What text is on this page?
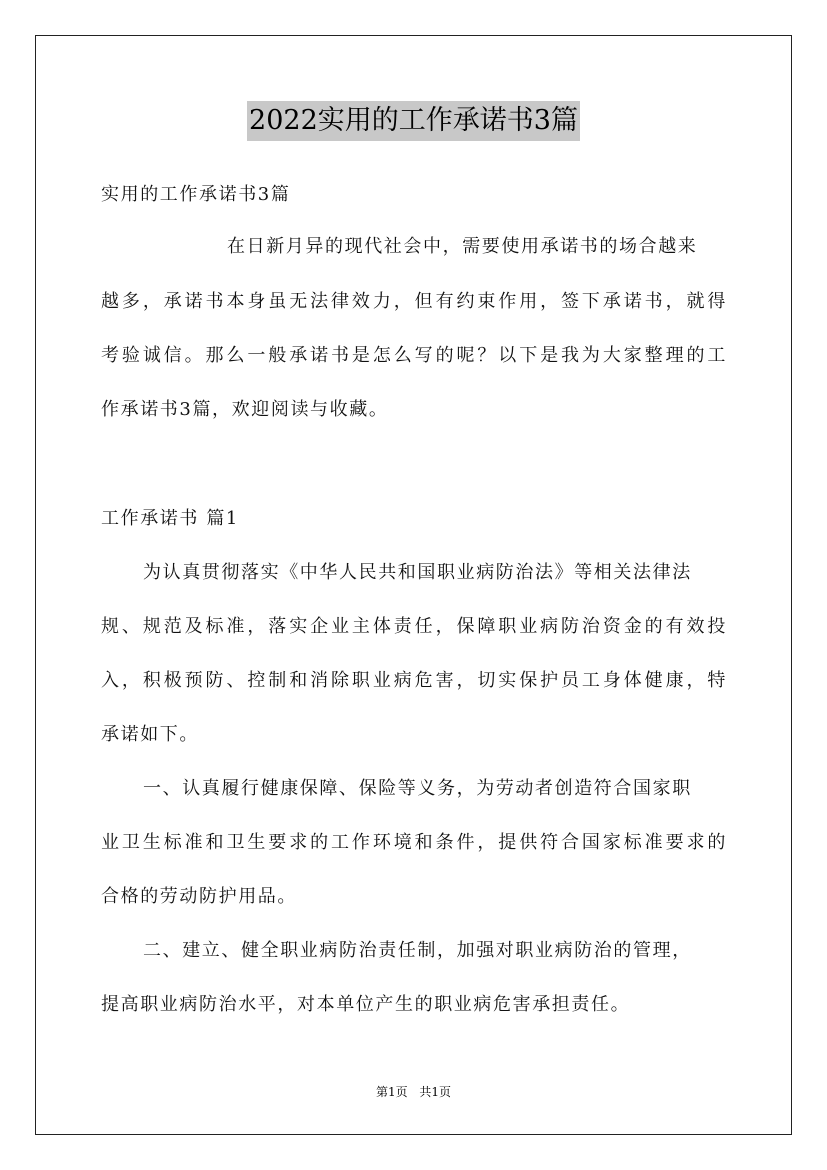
2022实用的工作承诺书3篇
实用的工作承诺书3篇
在日新月异的现代社会中，需要使用承诺书的场合越来
越多，承诺书本身虽无法律效力，但有约束作用，签下承诺书，就得
考验诚信。那么一般承诺书是怎么写的呢？以下是我为大家整理的工
作承诺书3篇，欢迎阅读与收藏。
工作承诺书 篇1
为认真贯彻落实《中华人民共和国职业病防治法》等相关法律法
规、规范及标准，落实企业主体责任，保障职业病防治资金的有效投
入，积极预防、控制和消除职业病危害，切实保护员工身体健康，特
承诺如下。
一、认真履行健康保障、保险等义务，为劳动者创造符合国家职
业卫生标准和卫生要求的工作环境和条件，提供符合国家标准要求的
合格的劳动防护用品。
二、建立、健全职业病防治责任制，加强对职业病防治的管理，
提高职业病防治水平，对本单位产生的职业病危害承担责任。
第1页 共1页
